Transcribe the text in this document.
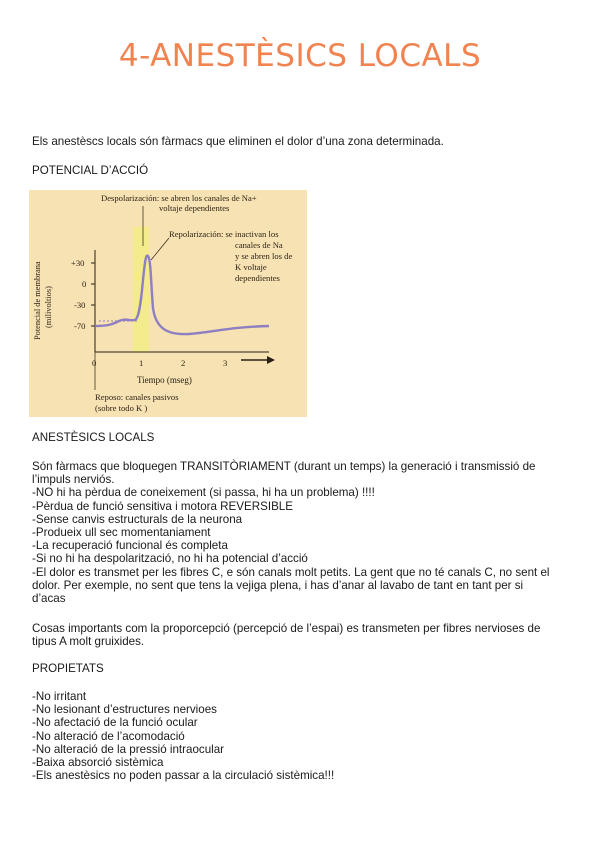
4-ANESTÈSICS LOCALS

Els anestèscs locals són fàrmacs que eliminen el dolor d’una zona determinada.

POTENCIAL D’ACCIÓ

Despolarización: se abren los canales de Na+
voltaje dependientes
Repolarización: se inactivan los
canales de Na
y se abren los de
K voltaje
dependientes
Potencial de membrana (milivoltios)
+30
0
-30
-70
0	1	2	3
Tiempo (mseg)
Reposo: canales pasivos
(sobre todo K )

ANESTÈSICS LOCALS

Són fàrmacs que bloquegen TRANSITÒRIAMENT (durant un temps) la generació i transmissió de

l’impuls nerviós.

-NO hi ha pèrdua de coneixement (si passa, hi ha un problema) !!!!

-Pèrdua de funció sensitiva i motora REVERSIBLE

-Sense canvis estructurals de la neurona

-Produeix ull sec momentaniament

-La recuperació funcional és completa

-Si no hi ha despolarització, no hi ha potencial d’acció

-El dolor es transmet per les fibres C, e són canals molt petits. La gent que no té canals C, no sent el

dolor. Per exemple, no sent que tens la vejiga plena, i has d’anar al lavabo de tant en tant per si

d’acas

Cosas importants com la proporcepció (percepció de l’espai) es transmeten per fibres nervioses de

tipus A molt gruixides.

PROPIETATS

-No irritant

-No lesionant d’estructures nervioes

-No afectació de la funció ocular

-No alteració de l’acomodació

-No alteració de la pressió intraocular

-Baixa absorció sistèmica

-Els anestèsics no poden passar a la circulació sistèmica!!!
